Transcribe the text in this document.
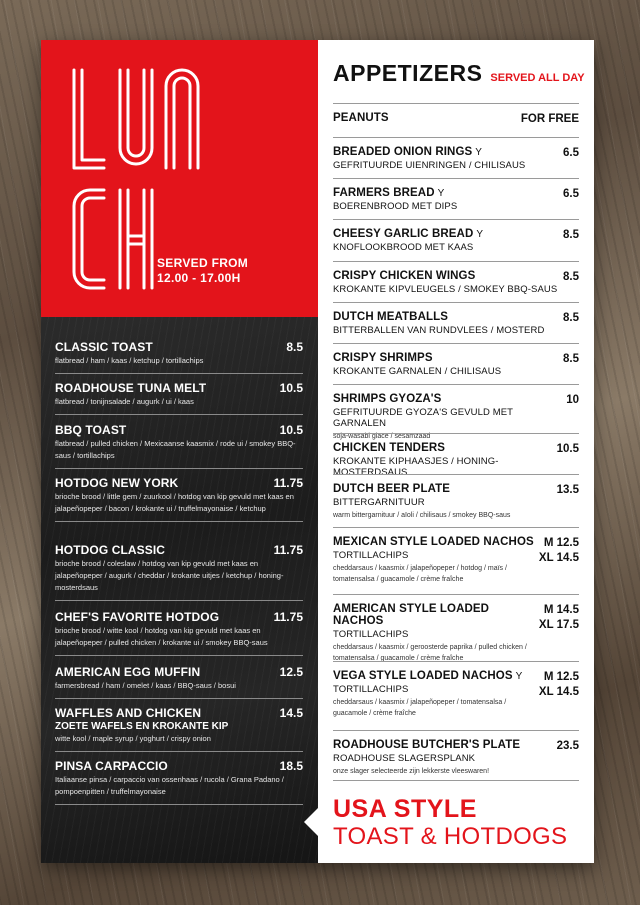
SERVED FROM
12.00 - 17.00H
CLASSIC TOAST	8.5
flatbread / ham / kaas / ketchup / tortillachips
ROADHOUSE TUNA MELT	10.5
flatbread / tonijnsalade / augurk / ui / kaas
BBQ TOAST	10.5
flatbread / pulled chicken / Mexicaanse kaasmix / rode ui / smokey BBQ-saus / tortillachips
HOTDOG NEW YORK	11.75
brioche brood / little gem / zuurkool / hotdog van kip gevuld met kaas en jalapeñopeper / bacon / krokante ui / truffelmayonaise / ketchup
HOTDOG CLASSIC	11.75
brioche brood / coleslaw / hotdog van kip gevuld met kaas en jalapeñopeper / augurk / cheddar / krokante uitjes / ketchup / honing-mosterdsaus
CHEF'S FAVORITE HOTDOG	11.75
brioche brood / witte kool / hotdog van kip gevuld met kaas en jalapeñopeper / pulled chicken / krokante ui / smokey BBQ-saus
AMERICAN EGG MUFFIN	12.5
farmersbread / ham / omelet / kaas / BBQ-saus / bosui
WAFFLES AND CHICKEN	14.5
ZOETE WAFELS EN KROKANTE KIP
witte kool / maple syrup / yoghurt / crispy onion
PINSA CARPACCIO	18.5
Italiaanse pinsa / carpaccio van ossenhaas / rucola / Grana Padano / pompoenpitten / truffelmayonaise
APPETIZERS SERVED ALL DAY
PEANUTS	FOR FREE
BREADED ONION RINGS Y
GEFRITUURDE UIENRINGEN / CHILISAUS
6.5
FARMERS BREAD Y
BOERENBROOD MET DIPS
6.5
CHEESY GARLIC BREAD Y
KNOFLOOKBROOD MET KAAS
8.5
CRISPY CHICKEN WINGS
KROKANTE KIPVLEUGELS / SMOKEY BBQ-SAUS
8.5
DUTCH MEATBALLS
BITTERBALLEN VAN RUNDVLEES / MOSTERD
8.5
CRISPY SHRIMPS
KROKANTE GARNALEN / CHILISAUS
8.5
SHRIMPS GYOZA'S
GEFRITUURDE GYOZA'S GEVULD MET GARNALEN
soja-wasabi glace / sesamzaad
10
CHICKEN TENDERS
KROKANTE KIPHAASJES / HONING-MOSTERDSAUS
10.5
DUTCH BEER PLATE
BITTERGARNITUUR
warm bittergarnituur / aïoli / chilisaus / smokey BBQ-saus
13.5
MEXICAN STYLE LOADED NACHOS
TORTILLACHIPS
cheddarsaus / kaasmix / jalapeñopeper / hotdog / maïs / tomatensalsa / guacamole / crème fraîche
M 12.5
XL 14.5
AMERICAN STYLE LOADED NACHOS
TORTILLACHIPS
cheddarsaus / kaasmix / geroosterde paprika / pulled chicken / tomatensalsa / guacamole / crème fraîche
M 14.5
XL 17.5
VEGA STYLE LOADED NACHOS Y
TORTILLACHIPS
cheddarsaus / kaasmix / jalapeñopeper / tomatensalsa / guacamole / crème fraîche
M 12.5
XL 14.5
ROADHOUSE BUTCHER'S PLATE
ROADHOUSE SLAGERSPLANK
onze slager selecteerde zijn lekkerste vleeswaren!
23.5
USA STYLE
TOAST & HOTDOGS
